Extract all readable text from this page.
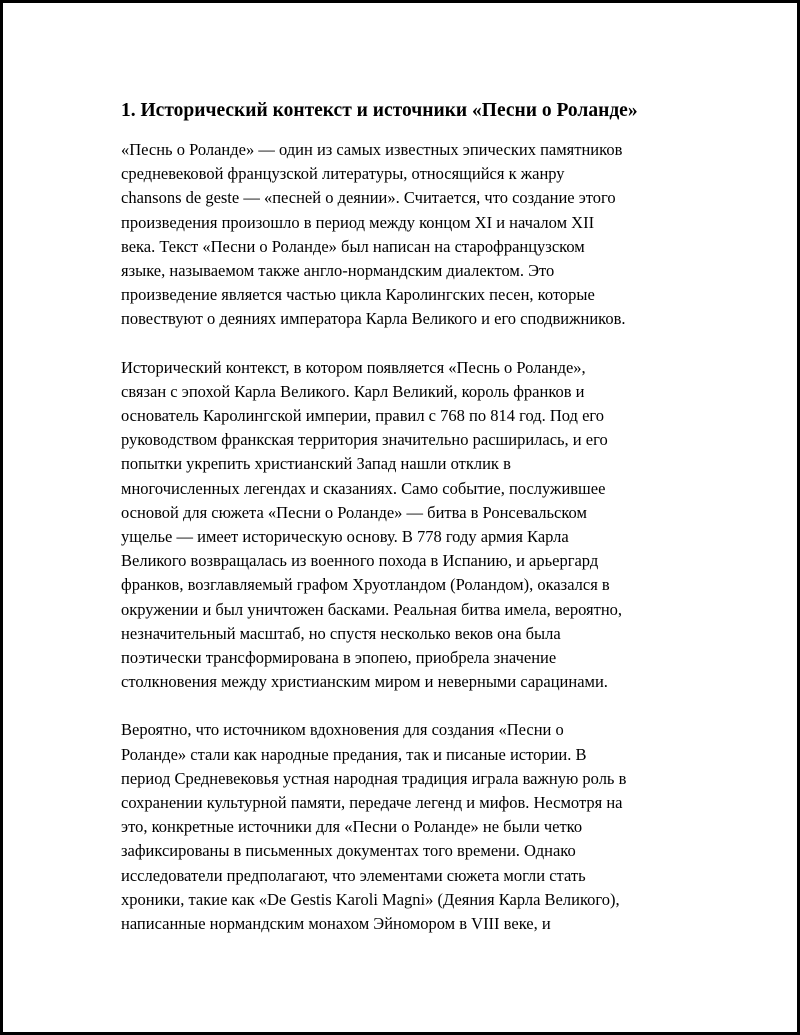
1. Исторический контекст и источники «Песни о Роланде»

«Песнь о Роланде» — один из самых известных эпических памятников
средневековой французской литературы, относящийся к жанру
chansons de geste — «песней о деянии». Считается, что создание этого
произведения произошло в период между концом XI и началом XII
века. Текст «Песни о Роланде» был написан на старофранцузском
языке, называемом также англо-нормандским диалектом. Это
произведение является частью цикла Каролингских песен, которые
повествуют о деяниях императора Карла Великого и его сподвижников.

Исторический контекст, в котором появляется «Песнь о Роланде»,
связан с эпохой Карла Великого. Карл Великий, король франков и
основатель Каролингской империи, правил с 768 по 814 год. Под его
руководством франкская территория значительно расширилась, и его
попытки укрепить христианский Запад нашли отклик в
многочисленных легендах и сказаниях. Само событие, послужившее
основой для сюжета «Песни о Роланде» — битва в Ронсевальском
ущелье — имеет историческую основу. В 778 году армия Карла
Великого возвращалась из военного похода в Испанию, и арьергард
франков, возглавляемый графом Хруотландом (Роландом), оказался в
окружении и был уничтожен басками. Реальная битва имела, вероятно,
незначительный масштаб, но спустя несколько веков она была
поэтически трансформирована в эпопею, приобрела значение
столкновения между христианским миром и неверными сарацинами.

Вероятно, что источником вдохновения для создания «Песни о
Роланде» стали как народные предания, так и писаные истории. В
период Средневековья устная народная традиция играла важную роль в
сохранении культурной памяти, передаче легенд и мифов. Несмотря на
это, конкретные источники для «Песни о Роланде» не были четко
зафиксированы в письменных документах того времени. Однако
исследователи предполагают, что элементами сюжета могли стать
хроники, такие как «De Gestis Karoli Magni» (Деяния Карла Великого),
написанные нормандским монахом Эйномором в VIII веке, и
